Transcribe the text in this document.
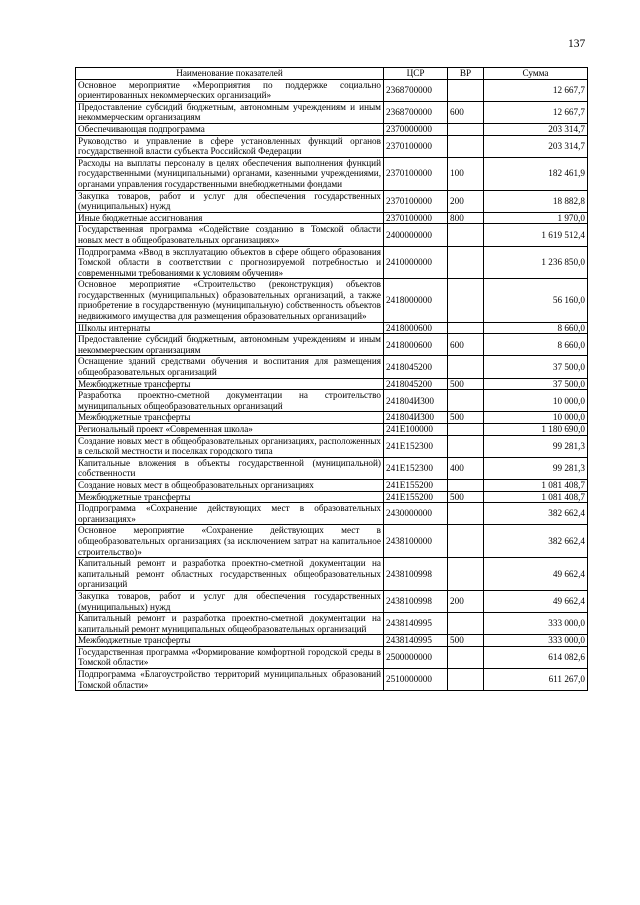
137
Наименование показателей	ЦСР	ВР	Сумма
Основное мероприятие «Мероприятия по поддержке социально ориентированных некоммерческих организаций»	2368700000		12 667,7
Предоставление субсидий бюджетным, автономным учреждениям и иным некоммерческим организациям	2368700000	600	12 667,7
Обеспечивающая подпрограмма	2370000000		203 314,7
Руководство и управление в сфере установленных функций органов государственной власти субъекта Российской Федерации	2370100000		203 314,7
Расходы на выплаты персоналу в целях обеспечения выполнения функций государственными (муниципальными) органами, казенными учреждениями, органами управления государственными внебюджетными фондами	2370100000	100	182 461,9
Закупка товаров, работ и услуг для обеспечения государственных (муниципальных) нужд	2370100000	200	18 882,8
Иные бюджетные ассигнования	2370100000	800	1 970,0
Государственная программа «Содействие созданию в Томской области новых мест в общеобразовательных организациях»	2400000000		1 619 512,4
Подпрограмма «Ввод в эксплуатацию объектов в сфере общего образования Томской области в соответствии с прогнозируемой потребностью и современными требованиями к условиям обучения»	2410000000		1 236 850,0
Основное мероприятие «Строительство (реконструкция) объектов государственных (муниципальных) образовательных организаций, а также приобретение в государственную (муниципальную) собственность объектов недвижимого имущества для размещения образовательных организаций»	2418000000		56 160,0
Школы интернаты	2418000600		8 660,0
Предоставление субсидий бюджетным, автономным учреждениям и иным некоммерческим организациям	2418000600	600	8 660,0
Оснащение зданий средствами обучения и воспитания для размещения общеобразовательных организаций	2418045200		37 500,0
Межбюджетные трансферты	2418045200	500	37 500,0
Разработка проектно-сметной документации на строительство муниципальных общеобразовательных организаций	241804И300		10 000,0
Межбюджетные трансферты	241804И300	500	10 000,0
Региональный проект «Современная школа»	241E100000		1 180 690,0
Создание новых мест в общеобразовательных организациях, расположенных в сельской местности и поселках городского типа	241E152300		99 281,3
Капитальные вложения в объекты государственной (муниципальной) собственности	241E152300	400	99 281,3
Создание новых мест в общеобразовательных организациях	241E155200		1 081 408,7
Межбюджетные трансферты	241E155200	500	1 081 408,7
Подпрограмма «Сохранение действующих мест в образовательных организациях»	2430000000		382 662,4
Основное мероприятие «Сохранение действующих мест в общеобразовательных организациях (за исключением затрат на капитальное строительство)»	2438100000		382 662,4
Капитальный ремонт и разработка проектно-сметной документации на капитальный ремонт областных государственных общеобразовательных организаций	2438100998		49 662,4
Закупка товаров, работ и услуг для обеспечения государственных (муниципальных) нужд	2438100998	200	49 662,4
Капитальный ремонт и разработка проектно-сметной документации на капитальный ремонт муниципальных общеобразовательных организаций	2438140995		333 000,0
Межбюджетные трансферты	2438140995	500	333 000,0
Государственная программа «Формирование комфортной городской среды в Томской области»	2500000000		614 082,6
Подпрограмма «Благоустройство территорий муниципальных образований Томской области»	2510000000		611 267,0
